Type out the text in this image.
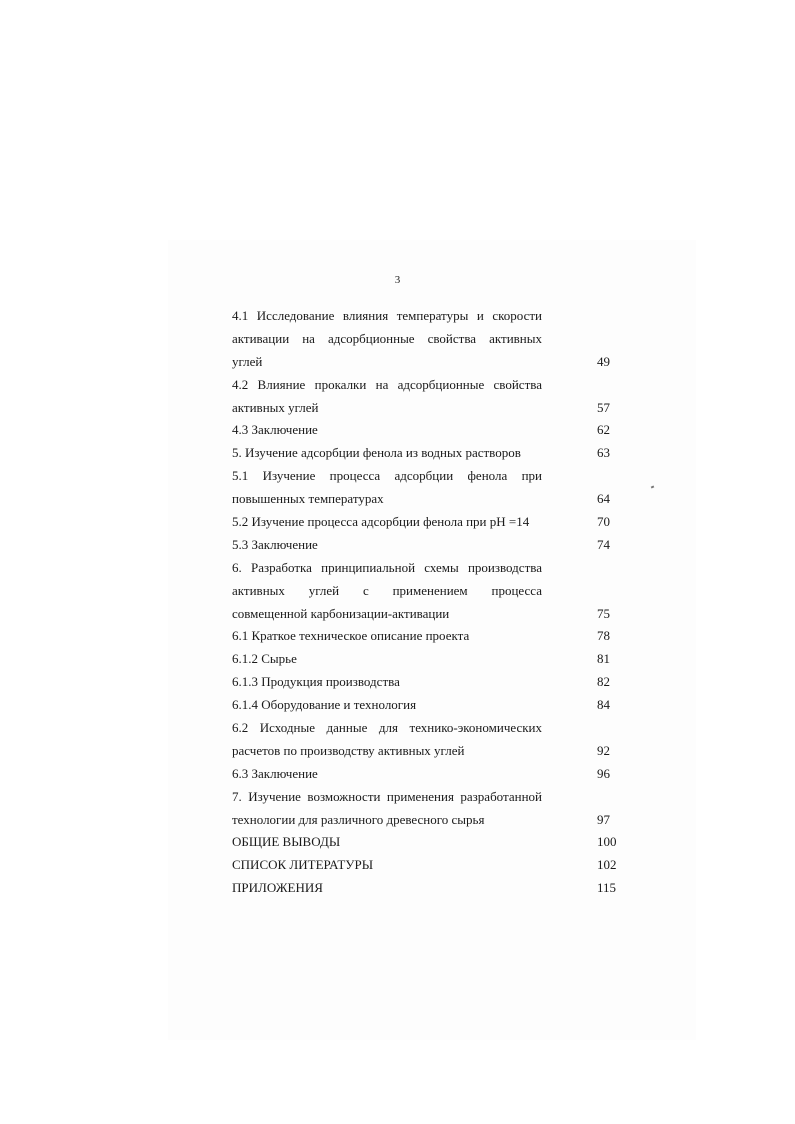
3
4.1 Исследование влияния температуры и скорости
активации на адсорбционные свойства активных
углей	49
4.2 Влияние прокалки на адсорбционные свойства
активных углей	57
4.3 Заключение	62
5. Изучение адсорбции фенола из водных растворов	63
5.1 Изучение процесса адсорбции фенола при
повышенных температурах	64
5.2 Изучение процесса адсорбции фенола при pH =14	70
5.3 Заключение	74
6. Разработка принципиальной схемы производства
активных углей с применением процесса
совмещенной карбонизации-активации	75
6.1 Краткое техническое описание проекта	78
6.1.2 Сырье	81
6.1.3 Продукция производства	82
6.1.4 Оборудование и технология	84
6.2 Исходные данные для технико-экономических
расчетов по производству активных углей	92
6.3 Заключение	96
7. Изучение возможности применения разработанной
технологии для различного древесного сырья	97
ОБЩИЕ ВЫВОДЫ	100
СПИСОК ЛИТЕРАТУРЫ	102
ПРИЛОЖЕНИЯ	115
